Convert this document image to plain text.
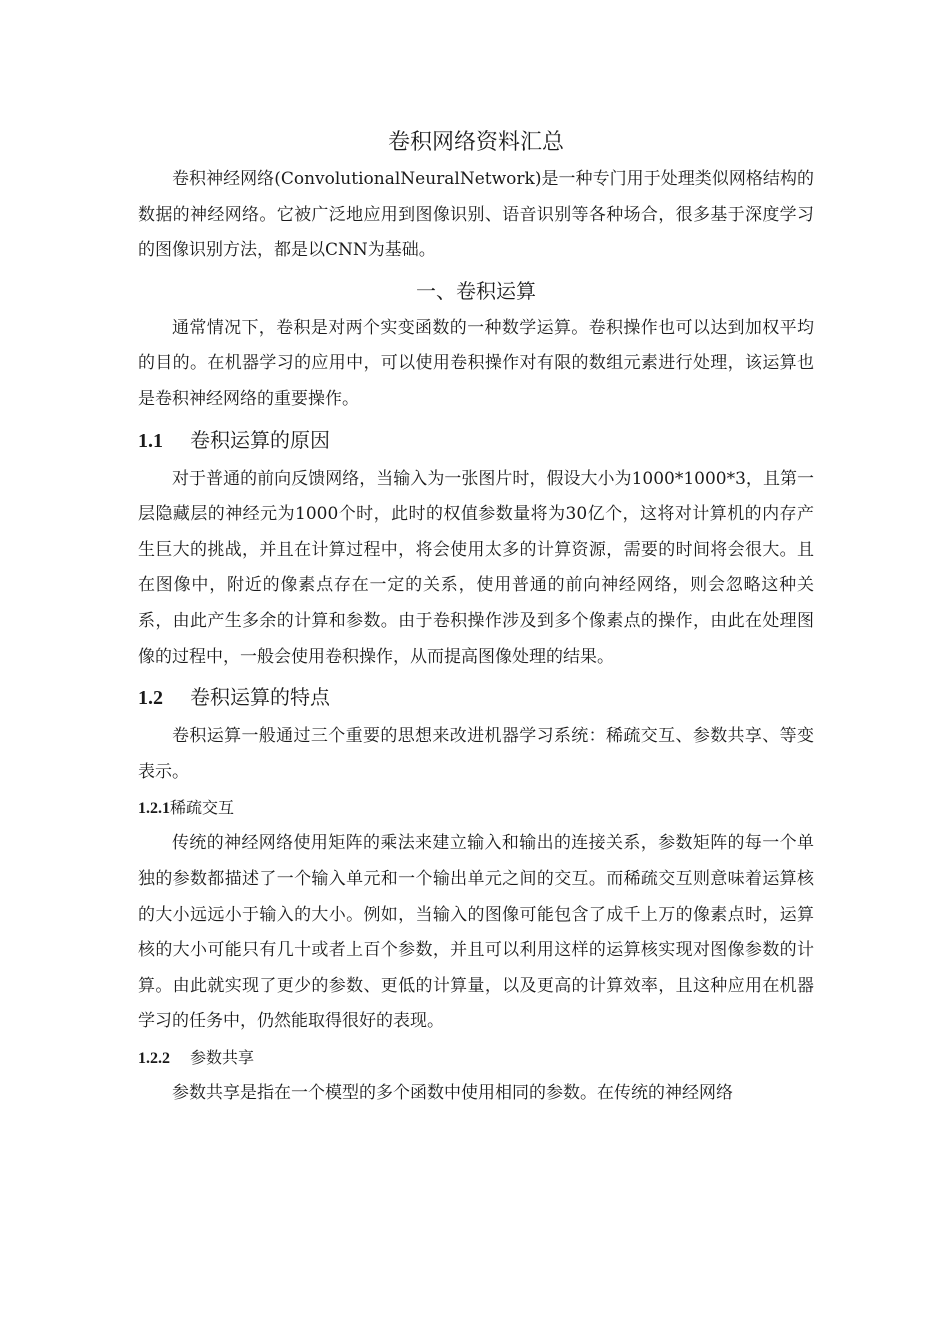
卷积网络资料汇总

卷积神经网络(ConvolutionalNeuralNetwork)是一种专门用于处理类似网格结构的数据的神经网络。它被广泛地应用到图像识别、语音识别等各种场合，很多基于深度学习的图像识别方法，都是以CNN为基础。

一、卷积运算

通常情况下，卷积是对两个实变函数的一种数学运算。卷积操作也可以达到加权平均的目的。在机器学习的应用中，可以使用卷积操作对有限的数组元素进行处理，该运算也是卷积神经网络的重要操作。

1.1 卷积运算的原因

对于普通的前向反馈网络，当输入为一张图片时，假设大小为1000*1000*3，且第一层隐藏层的神经元为1000个时，此时的权值参数量将为30亿个，这将对计算机的内存产生巨大的挑战，并且在计算过程中，将会使用太多的计算资源，需要的时间将会很大。且在图像中，附近的像素点存在一定的关系，使用普通的前向神经网络，则会忽略这种关系，由此产生多余的计算和参数。由于卷积操作涉及到多个像素点的操作，由此在处理图像的过程中，一般会使用卷积操作，从而提高图像处理的结果。

1.2 卷积运算的特点

卷积运算一般通过三个重要的思想来改进机器学习系统：稀疏交互、参数共享、等变表示。

1.2.1稀疏交互

传统的神经网络使用矩阵的乘法来建立输入和输出的连接关系，参数矩阵的每一个单独的参数都描述了一个输入单元和一个输出单元之间的交互。而稀疏交互则意味着运算核的大小远远小于输入的大小。例如，当输入的图像可能包含了成千上万的像素点时，运算核的大小可能只有几十或者上百个参数，并且可以利用这样的运算核实现对图像参数的计算。由此就实现了更少的参数、更低的计算量，以及更高的计算效率，且这种应用在机器学习的任务中，仍然能取得很好的表现。

1.2.2 参数共享

参数共享是指在一个模型的多个函数中使用相同的参数。在传统的神经网络
